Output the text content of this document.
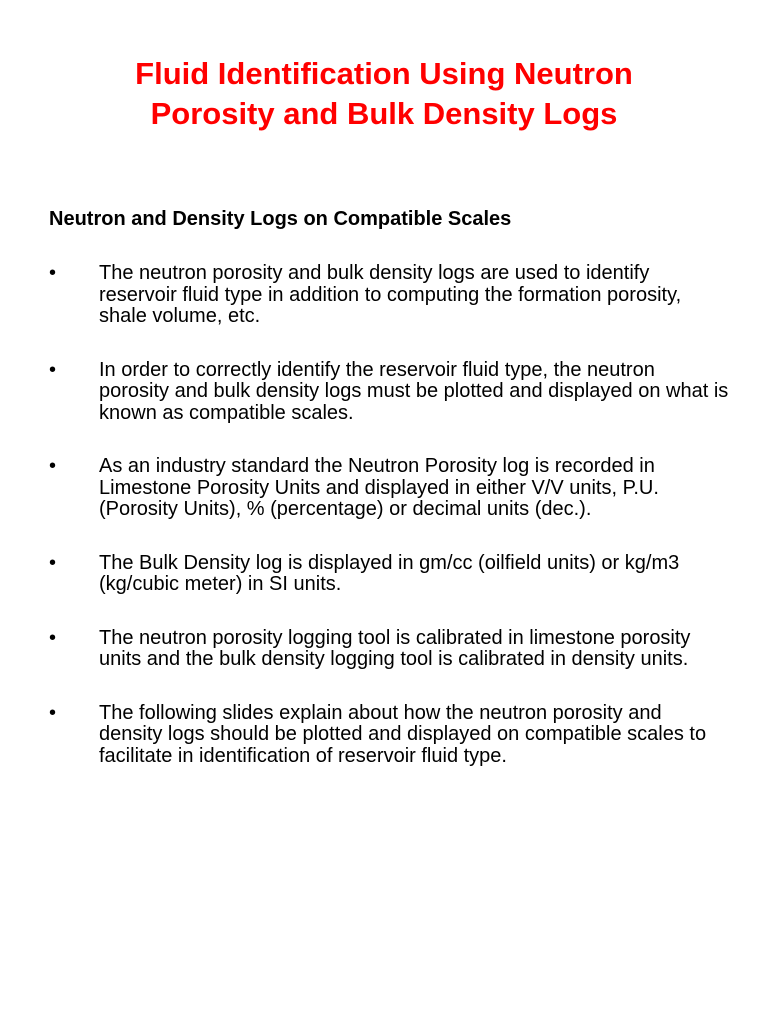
Fluid Identification Using Neutron
Porosity and Bulk Density Logs
Neutron and Density Logs on Compatible Scales
•	The neutron porosity and bulk density logs are used to identify reservoir fluid type in addition to computing the formation porosity, shale volume, etc.
•	In order to correctly identify the reservoir fluid type, the neutron porosity and bulk density logs must be plotted and displayed on what is known as compatible scales.
•	As an industry standard the Neutron Porosity log is recorded in Limestone Porosity Units and displayed in either V/V units, P.U. (Porosity Units), % (percentage) or decimal units (dec.).
•	The Bulk Density log is displayed in gm/cc (oilfield units) or kg/m3 (kg/cubic meter) in SI units.
•	The neutron porosity logging tool is calibrated in limestone porosity units and the bulk density logging tool is calibrated in density units.
•	The following slides explain about how the neutron porosity and density logs should be plotted and displayed on compatible scales to facilitate in identification of reservoir fluid type.
